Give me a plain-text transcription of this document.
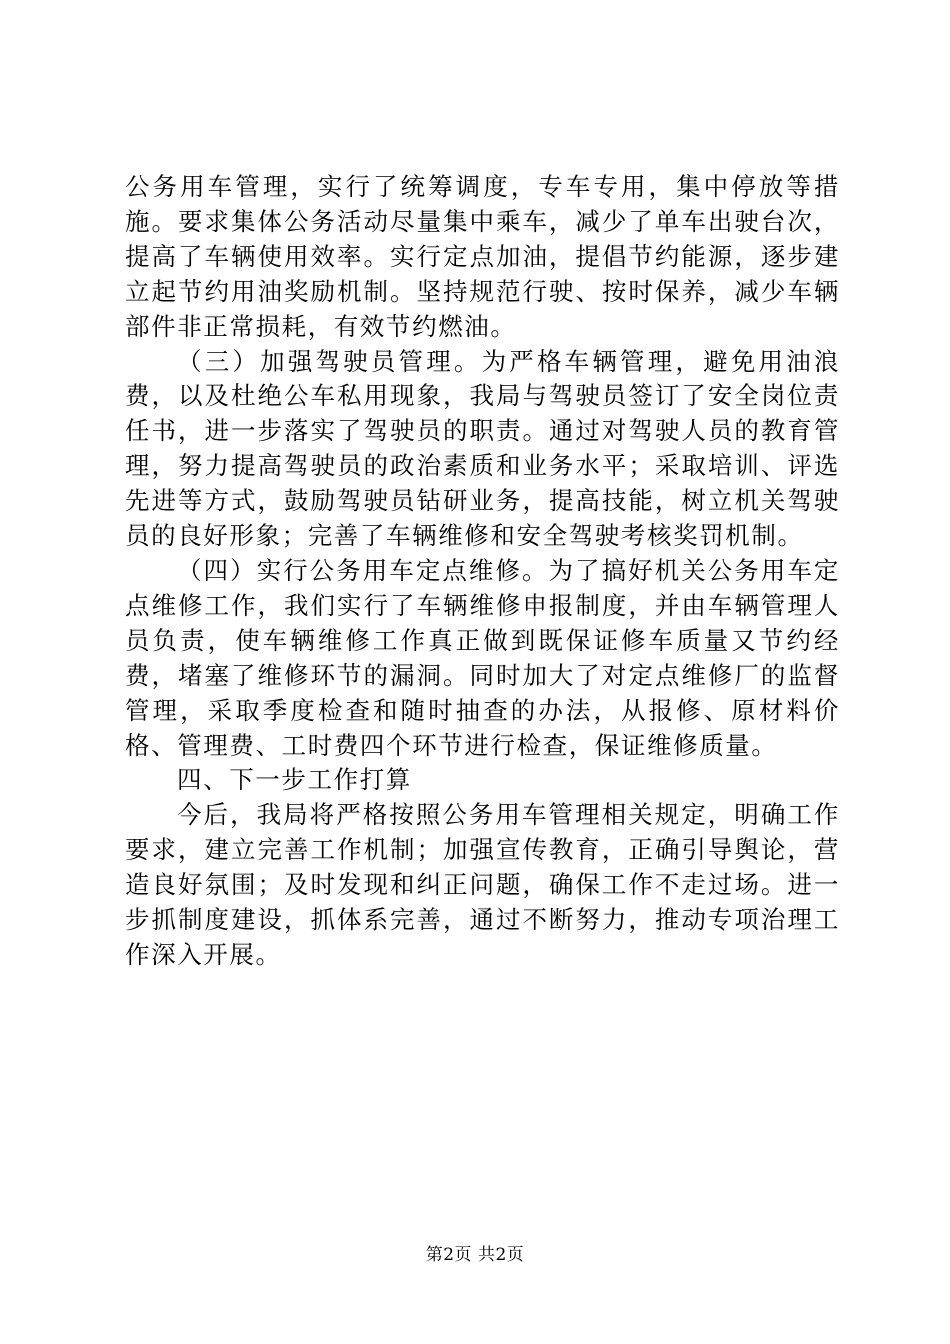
公务用车管理，实行了统筹调度，专车专用，集中停放等措施。要求集体公务活动尽量集中乘车，减少了单车出驶台次，提高了车辆使用效率。实行定点加油，提倡节约能源，逐步建立起节约用油奖励机制。坚持规范行驶、按时保养，减少车辆部件非正常损耗，有效节约燃油。

（三）加强驾驶员管理。为严格车辆管理，避免用油浪费，以及杜绝公车私用现象，我局与驾驶员签订了安全岗位责任书，进一步落实了驾驶员的职责。通过对驾驶人员的教育管理，努力提高驾驶员的政治素质和业务水平；采取培训、评选先进等方式，鼓励驾驶员钻研业务，提高技能，树立机关驾驶员的良好形象；完善了车辆维修和安全驾驶考核奖罚机制。

（四）实行公务用车定点维修。为了搞好机关公务用车定点维修工作，我们实行了车辆维修申报制度，并由车辆管理人员负责，使车辆维修工作真正做到既保证修车质量又节约经费，堵塞了维修环节的漏洞。同时加大了对定点维修厂的监督管理，采取季度检查和随时抽查的办法，从报修、原材料价格、管理费、工时费四个环节进行检查，保证维修质量。

四、下一步工作打算

今后，我局将严格按照公务用车管理相关规定，明确工作要求，建立完善工作机制；加强宣传教育，正确引导舆论，营造良好氛围；及时发现和纠正问题，确保工作不走过场。进一步抓制度建设，抓体系完善，通过不断努力，推动专项治理工作深入开展。

第2页 共2页
